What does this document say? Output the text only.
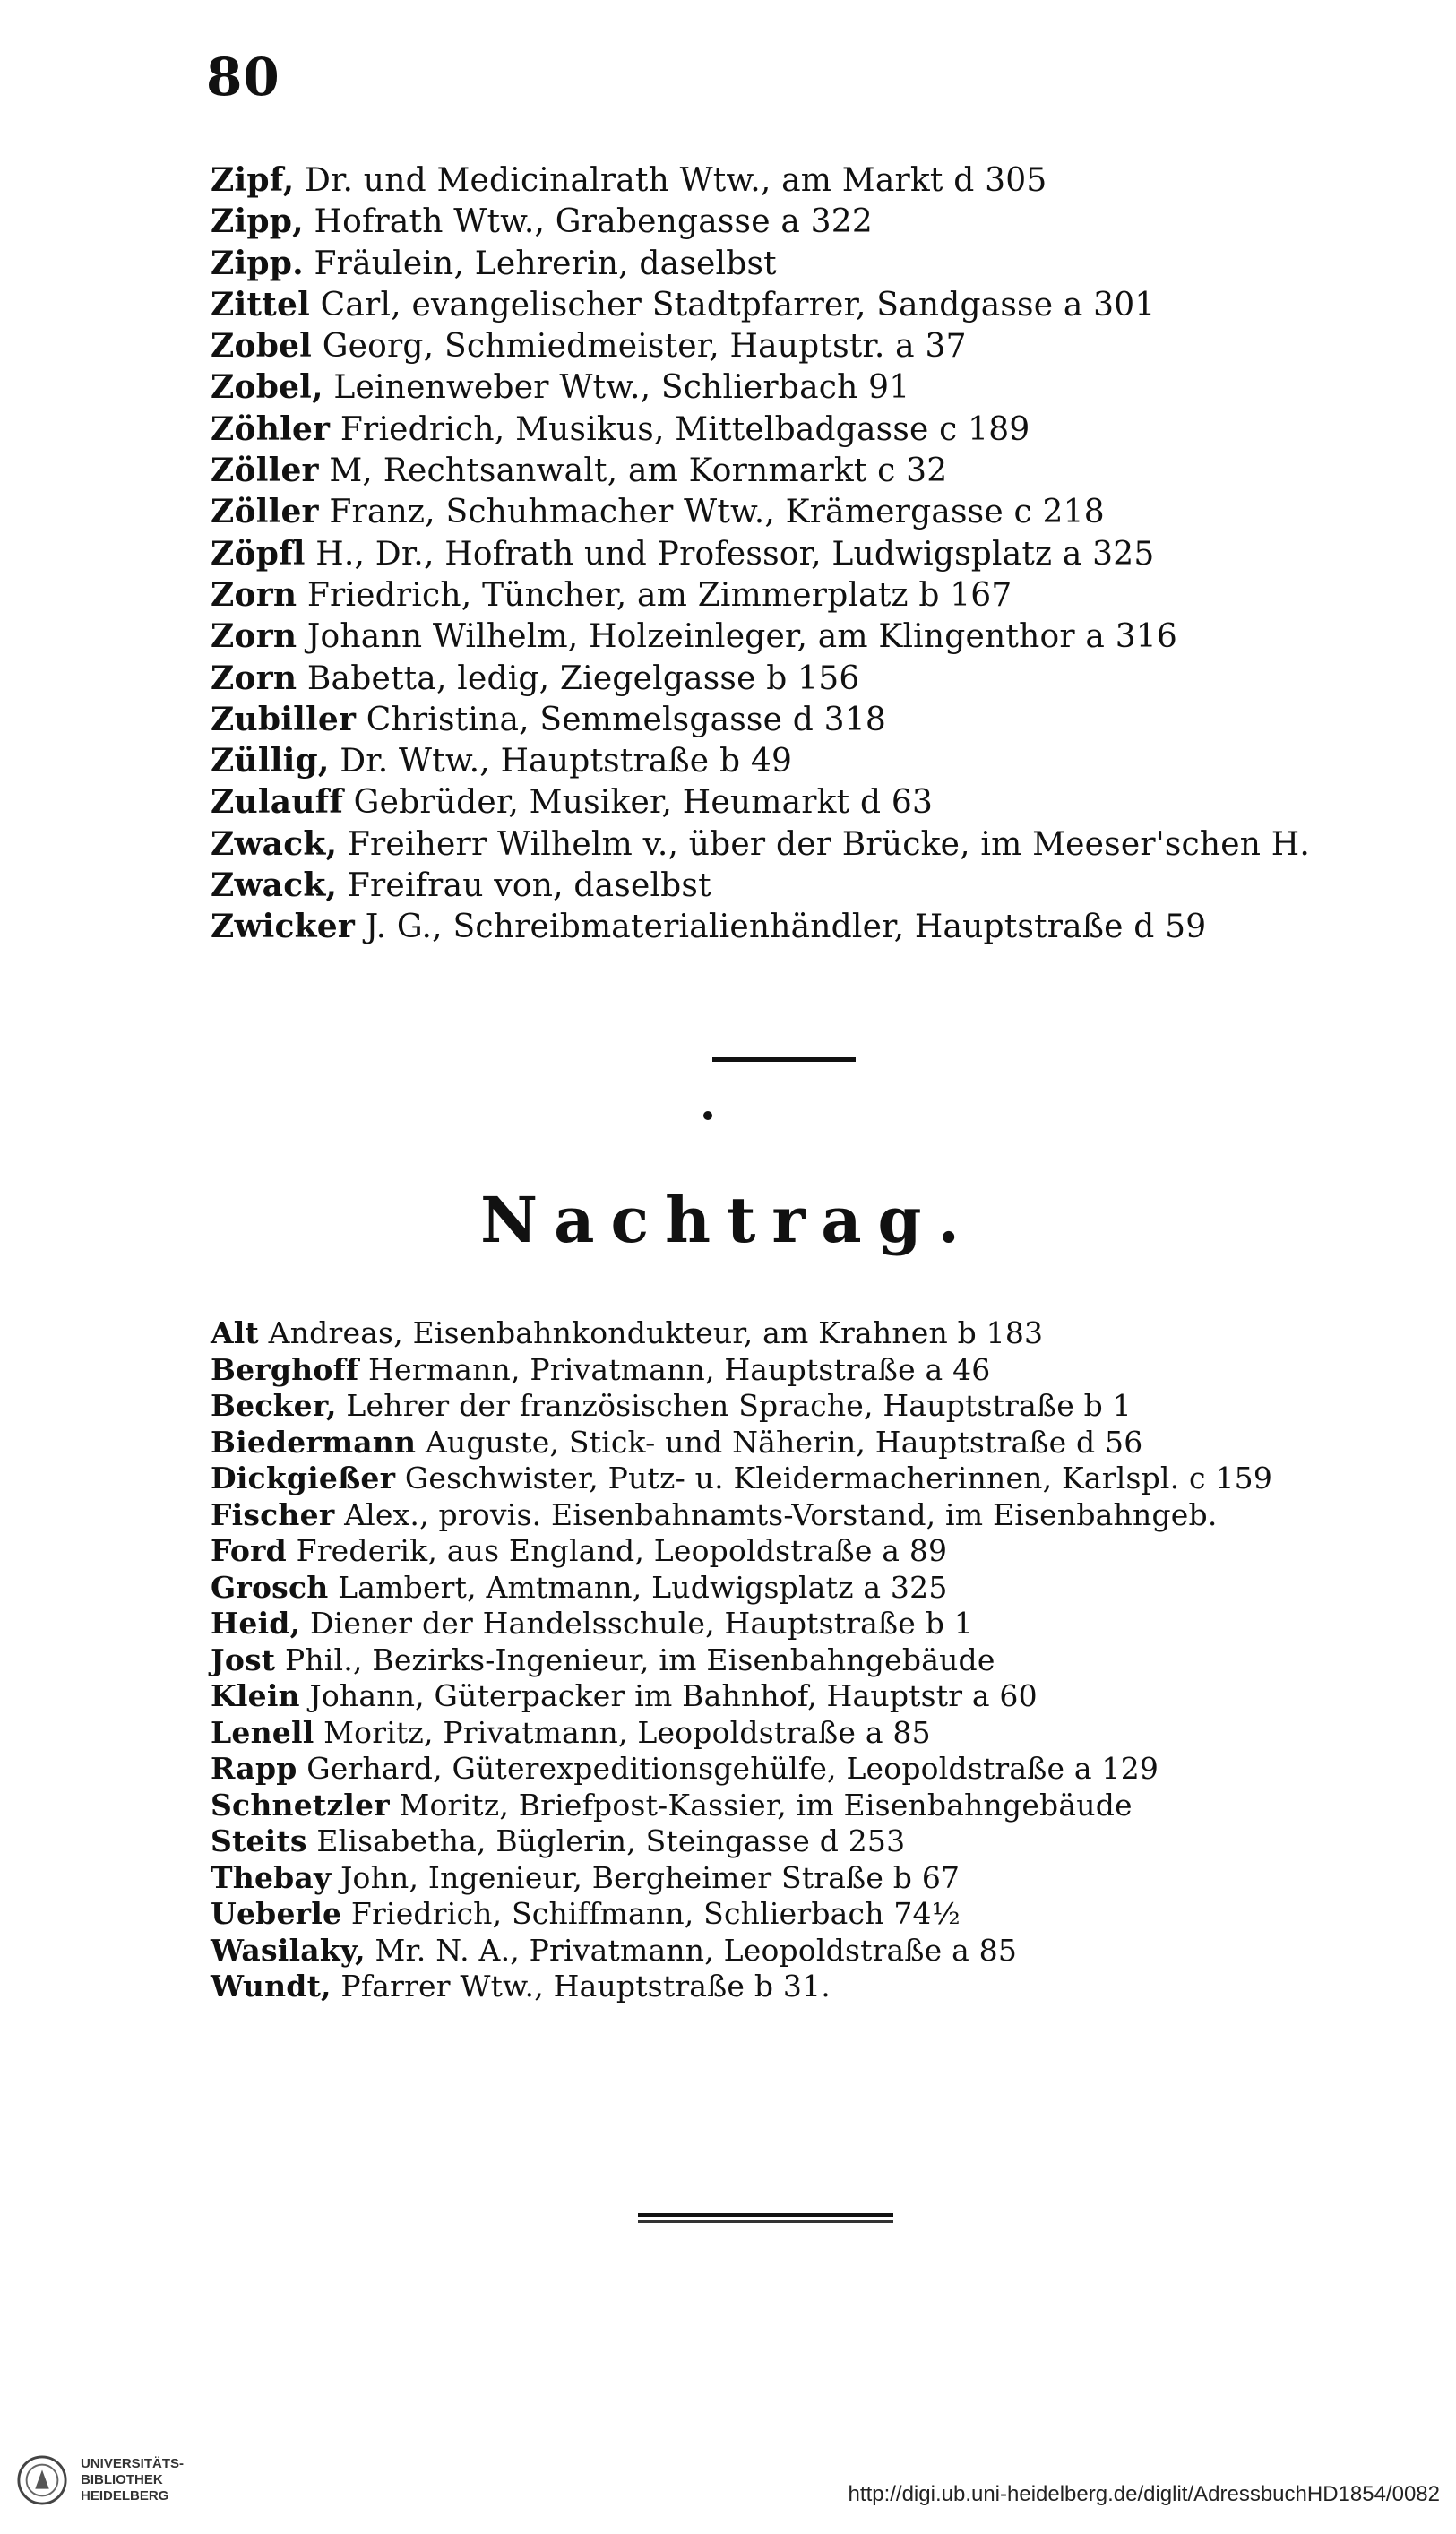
80
Zipf, Dr. und Medicinalrath Wtw., am Markt d 305
Zipp, Hofrath Wtw., Grabengasse a 322
Zipp. Fräulein, Lehrerin, daselbst
Zittel Carl, evangelischer Stadtpfarrer, Sandgasse a 301
Zobel Georg, Schmiedmeister, Hauptstr. a 37
Zobel, Leinenweber Wtw., Schlierbach 91
Zöhler Friedrich, Musikus, Mittelbadgasse c 189
Zöller M, Rechtsanwalt, am Kornmarkt c 32
Zöller Franz, Schuhmacher Wtw., Krämergasse c 218
Zöpfl H., Dr., Hofrath und Professor, Ludwigsplatz a 325
Zorn Friedrich, Tüncher, am Zimmerplatz b 167
Zorn Johann Wilhelm, Holzeinleger, am Klingenthor a 316
Zorn Babetta, ledig, Ziegelgasse b 156
Zubiller Christina, Semmelsgasse d 318
Züllig, Dr. Wtw., Hauptstraße b 49
Zulauff Gebrüder, Musiker, Heumarkt d 63
Zwack, Freiherr Wilhelm v., über der Brücke, im Meeser'schen H.
Zwack, Freifrau von, daselbst
Zwicker J. G., Schreibmaterialienhändler, Hauptstraße d 59
Nachtrag.
Alt Andreas, Eisenbahnkondukteur, am Krahnen b 183
Berghoff Hermann, Privatmann, Hauptstraße a 46
Becker, Lehrer der französischen Sprache, Hauptstraße b 1
Biedermann Auguste, Stick- und Näherin, Hauptstraße d 56
Dickgießer Geschwister, Putz- u. Kleidermacherinnen, Karlspl. c 159
Fischer Alex., provis. Eisenbahnamts-Vorstand, im Eisenbahngeb.
Ford Frederik, aus England, Leopoldstraße a 89
Grosch Lambert, Amtmann, Ludwigsplatz a 325
Heid, Diener der Handelsschule, Hauptstraße b 1
Jost Phil., Bezirks-Ingenieur, im Eisenbahngebäude
Klein Johann, Güterpacker im Bahnhof, Hauptstr a 60
Lenell Moritz, Privatmann, Leopoldstraße a 85
Rapp Gerhard, Güterexpeditionsgehülfe, Leopoldstraße a 129
Schnetzler Moritz, Briefpost-Kassier, im Eisenbahngebäude
Steits Elisabetha, Büglerin, Steingasse d 253
Thebay John, Ingenieur, Bergheimer Straße b 67
Ueberle Friedrich, Schiffmann, Schlierbach 74½
Wasilaky, Mr. N. A., Privatmann, Leopoldstraße a 85
Wundt, Pfarrer Wtw., Hauptstraße b 31.
UNIVERSITÄTS-
BIBLIOTHEK
HEIDELBERG	http://digi.ub.uni-heidelberg.de/diglit/AdressbuchHD1854/0082
